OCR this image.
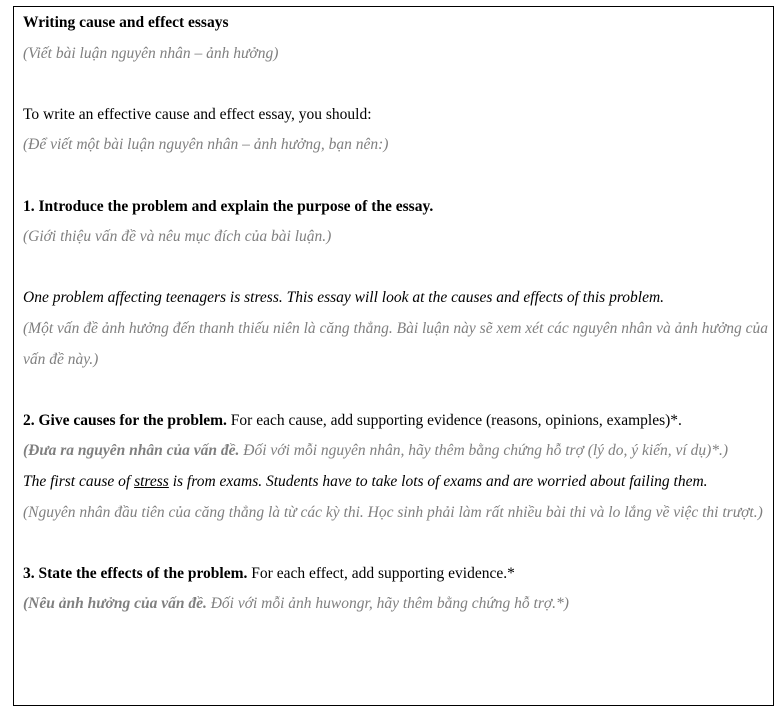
Writing cause and effect essays
(Viết bài luận nguyên nhân – ảnh hưởng)
To write an effective cause and effect essay, you should:
(Để viết một bài luận nguyên nhân – ảnh hưởng, bạn nên:)
1. Introduce the problem and explain the purpose of the essay.
(Giới thiệu vấn đề và nêu mục đích của bài luận.)
One problem affecting teenagers is stress. This essay will look at the causes and effects of this problem.
(Một vấn đề ảnh hưởng đến thanh thiếu niên là căng thẳng. Bài luận này sẽ xem xét các nguyên nhân và ảnh hưởng của vấn đề này.)
2. Give causes for the problem. For each cause, add supporting evidence (reasons, opinions, examples)*.
(Đưa ra nguyên nhân của vấn đề. Đối với mỗi nguyên nhân, hãy thêm bằng chứng hỗ trợ (lý do, ý kiến, ví dụ)*.)
The first cause of stress is from exams. Students have to take lots of exams and are worried about failing them.
(Nguyên nhân đầu tiên của căng thẳng là từ các kỳ thi. Học sinh phải làm rất nhiều bài thi và lo lắng về việc thi trượt.)
3. State the effects of the problem. For each effect, add supporting evidence.*
(Nêu ảnh hưởng của vấn đề. Đối với mỗi ảnh huwongr, hãy thêm bằng chứng hỗ trợ.*)
